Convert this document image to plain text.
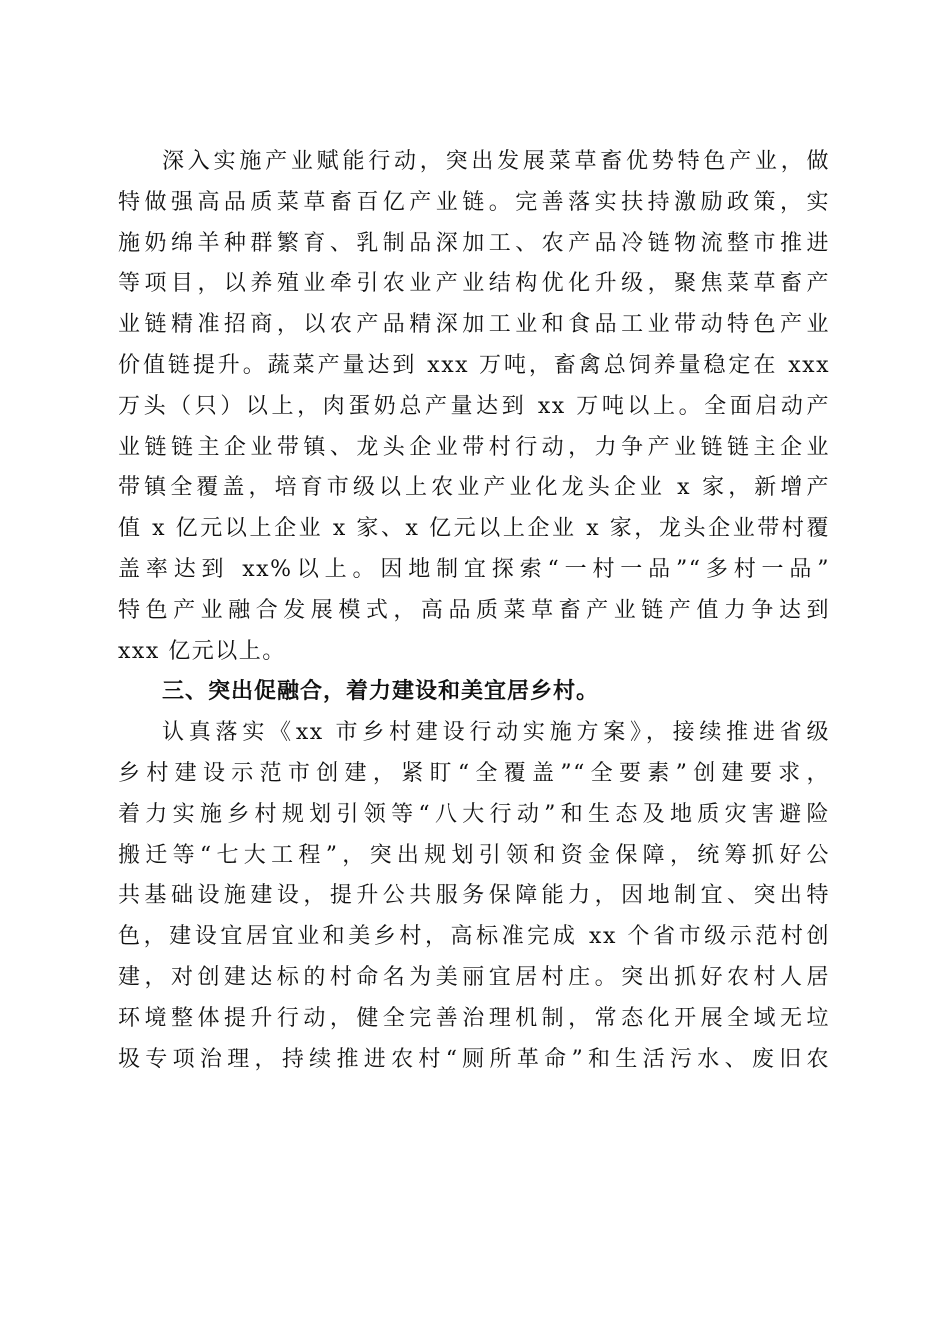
深入实施产业赋能行动，突出发展菜草畜优势特色产业，做
特做强高品质菜草畜百亿产业链。完善落实扶持激励政策，实
施奶绵羊种群繁育、乳制品深加工、农产品冷链物流整市推进
等项目，以养殖业牵引农业产业结构优化升级，聚焦菜草畜产
业链精准招商，以农产品精深加工业和食品工业带动特色产业
价值链提升。蔬菜产量达到 xxx 万吨，畜禽总饲养量稳定在 xxx
万头（只）以上，肉蛋奶总产量达到 xx 万吨以上。全面启动产
业链链主企业带镇、龙头企业带村行动，力争产业链链主企业
带镇全覆盖，培育市级以上农业产业化龙头企业 x 家，新增产
值 x 亿元以上企业 x 家、x 亿元以上企业 x 家，龙头企业带村覆
盖率达到 xx%以上。因地制宜探索“一村一品”“多村一品”
特色产业融合发展模式，高品质菜草畜产业链产值力争达到
xxx 亿元以上。
三、突出促融合，着力建设和美宜居乡村。
认真落实《xx 市乡村建设行动实施方案》，接续推进省级
乡村建设示范市创建，紧盯“全覆盖”“全要素”创建要求，
着力实施乡村规划引领等“八大行动”和生态及地质灾害避险
搬迁等“七大工程”，突出规划引领和资金保障，统筹抓好公
共基础设施建设，提升公共服务保障能力，因地制宜、突出特
色，建设宜居宜业和美乡村，高标准完成 xx 个省市级示范村创
建，对创建达标的村命名为美丽宜居村庄。突出抓好农村人居
环境整体提升行动，健全完善治理机制，常态化开展全域无垃
圾专项治理，持续推进农村“厕所革命”和生活污水、废旧农
